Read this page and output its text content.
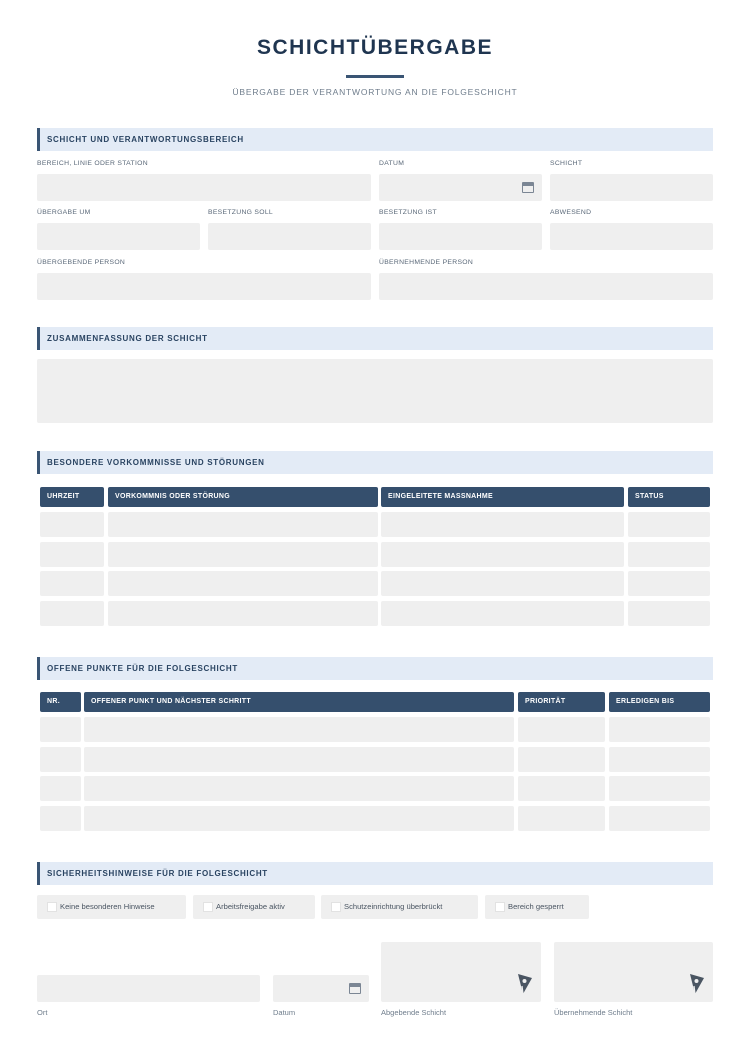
SCHICHTÜBERGABE
ÜBERGABE DER VERANTWORTUNG AN DIE FOLGESCHICHT
SCHICHT UND VERANTWORTUNGSBEREICH
BEREICH, LINIE ODER STATION	DATUM	SCHICHT
ÜBERGABE UM	BESETZUNG SOLL	BESETZUNG IST	ABWESEND
ÜBERGEBENDE PERSON	ÜBERNEHMENDE PERSON
ZUSAMMENFASSUNG DER SCHICHT
BESONDERE VORKOMMNISSE UND STÖRUNGEN
UHRZEIT	VORKOMMNIS ODER STÖRUNG	EINGELEITETE MASSNAHME	STATUS
OFFENE PUNKTE FÜR DIE FOLGESCHICHT
NR.	OFFENER PUNKT UND NÄCHSTER SCHRITT	PRIORITÄT	ERLEDIGEN BIS
SICHERHEITSHINWEISE FÜR DIE FOLGESCHICHT
Keine besonderen Hinweise	Arbeitsfreigabe aktiv	Schutzeinrichtung überbrückt	Bereich gesperrt
Ort	Datum	Abgebende Schicht	Übernehmende Schicht
